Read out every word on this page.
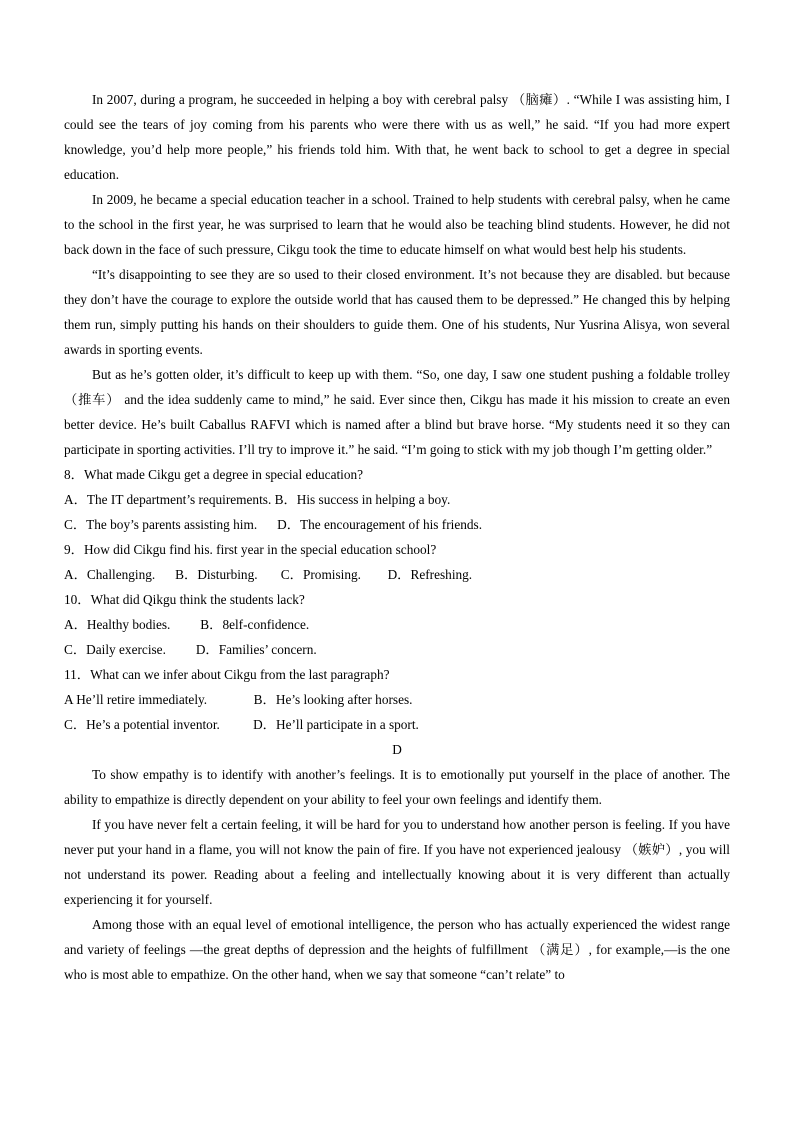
In 2007, during a program, he succeeded in helping a boy with cerebral palsy （脑瘫）. “While I was assisting him, I could see the tears of joy coming from his parents who were there with us as well,” he said. “If you had more expert knowledge, you’d help more people,” his friends told him. With that, he went back to school to get a degree in special education.

In 2009, he became a special education teacher in a school. Trained to help students with cerebral palsy, when he came to the school in the first year, he was surprised to learn that he would also be teaching blind students. However, he did not back down in the face of such pressure, Cikgu took the time to educate himself on what would best help his students.

“It’s disappointing to see they are so used to their closed environment. It’s not because they are disabled. but because they don’t have the courage to explore the outside world that has caused them to be depressed.” He changed this by helping them run, simply putting his hands on their shoulders to guide them. One of his students, Nur Yusrina Alisya, won several awards in sporting events.

But as he’s gotten older, it’s difficult to keep up with them. “So, one day, I saw one student pushing a foldable trolley（推车） and the idea suddenly came to mind,” he said. Ever since then, Cikgu has made it his mission to create an even better device. He’s built Caballus RAFVI which is named after a blind but brave horse. “My students need it so they can participate in sporting activities. I’ll try to improve it.” he said. “I’m going to stick with my job though I’m getting older.”

8．What made Cikgu get a degree in special education?

A．The IT department’s requirements. B．His success in helping a boy.

C．The boy’s parents assisting him.      D．The encouragement of his friends.

9．How did Cikgu find his. first year in the special education school?

A．Challenging.      B．Disturbing.       C．Promising.        D．Refreshing.

10．What did Qikgu think the students lack?

A．Healthy bodies.         B．8elf-confidence.

C．Daily exercise.         D．Families’ concern.

11．What can we infer about Cikgu from the last paragraph?

A He’ll retire immediately.              B．He’s looking after horses.

C．He’s a potential inventor.          D．He’ll participate in a sport.

D

To show empathy is to identify with another’s feelings. It is to emotionally put yourself in the place of another. The ability to empathize is directly dependent on your ability to feel your own feelings and identify them.

If you have never felt a certain feeling, it will be hard for you to understand how another person is feeling. If you have never put your hand in a flame, you will not know the pain of fire. If you have not experienced jealousy （嫉妒）, you will not understand its power. Reading about a feeling and intellectually knowing about it is very different than actually experiencing it for yourself.

Among those with an equal level of emotional intelligence, the person who has actually experienced the widest range and variety of feelings —the great depths of depression and the heights of fulfillment （满足）, for example,—is the one who is most able to empathize. On the other hand, when we say that someone “can’t relate” to
